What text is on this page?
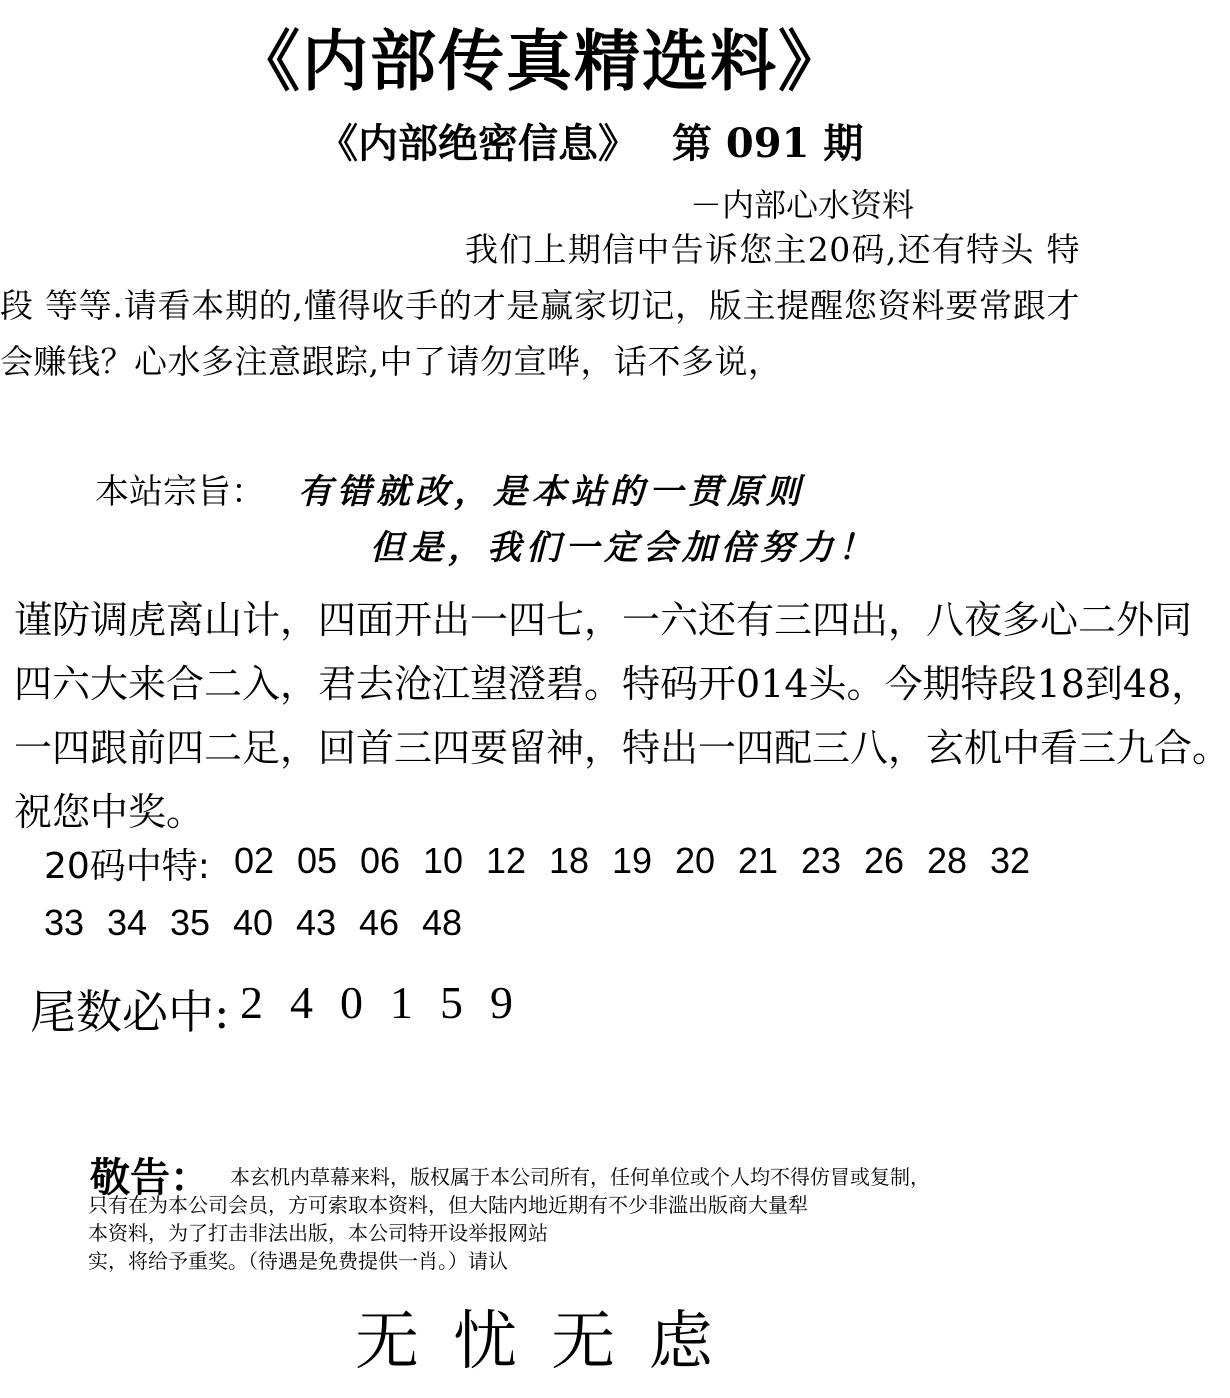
《内部传真精选料》
《内部绝密信息》 第 091 期
－内部心水资料
我们上期信中告诉您主20码,还有特头 特段 等等.请看本期的,懂得收手的才是赢家切记，版主提醒您资料要常跟才会赚钱？心水多注意跟踪,中了请勿宣哗，话不多说，
本站宗旨： 有错就改，是本站的一贯原则
但是，我们一定会加倍努力！
谨防调虎离山计，四面开出一四七，一六还有三四出，八夜多心二外同
四六大来合二入，君去沧江望澄碧。特码开014头。今期特段18到48，
一四跟前四二足，回首三四要留神，特出一四配三八，玄机中看三九合。
祝您中奖。
20码中特: 02 05 06 10 12 18 19 20 21 23 26 28 32
33 34 35 40 43 46 48
尾数必中: 2 4 0 1 5 9
敬告：	本玄机内草幕来料，版权属于本公司所有，任何单位或个人均不得仿冒或复制，
只有在为本公司会员，方可索取本资料，但大陆内地近期有不少非滥出版商大量犁
本资料，为了打击非法出版，本公司特开设举报网站
实，将给予重奖。（待遇是免费提供一肖。）请认
无忧无虑
